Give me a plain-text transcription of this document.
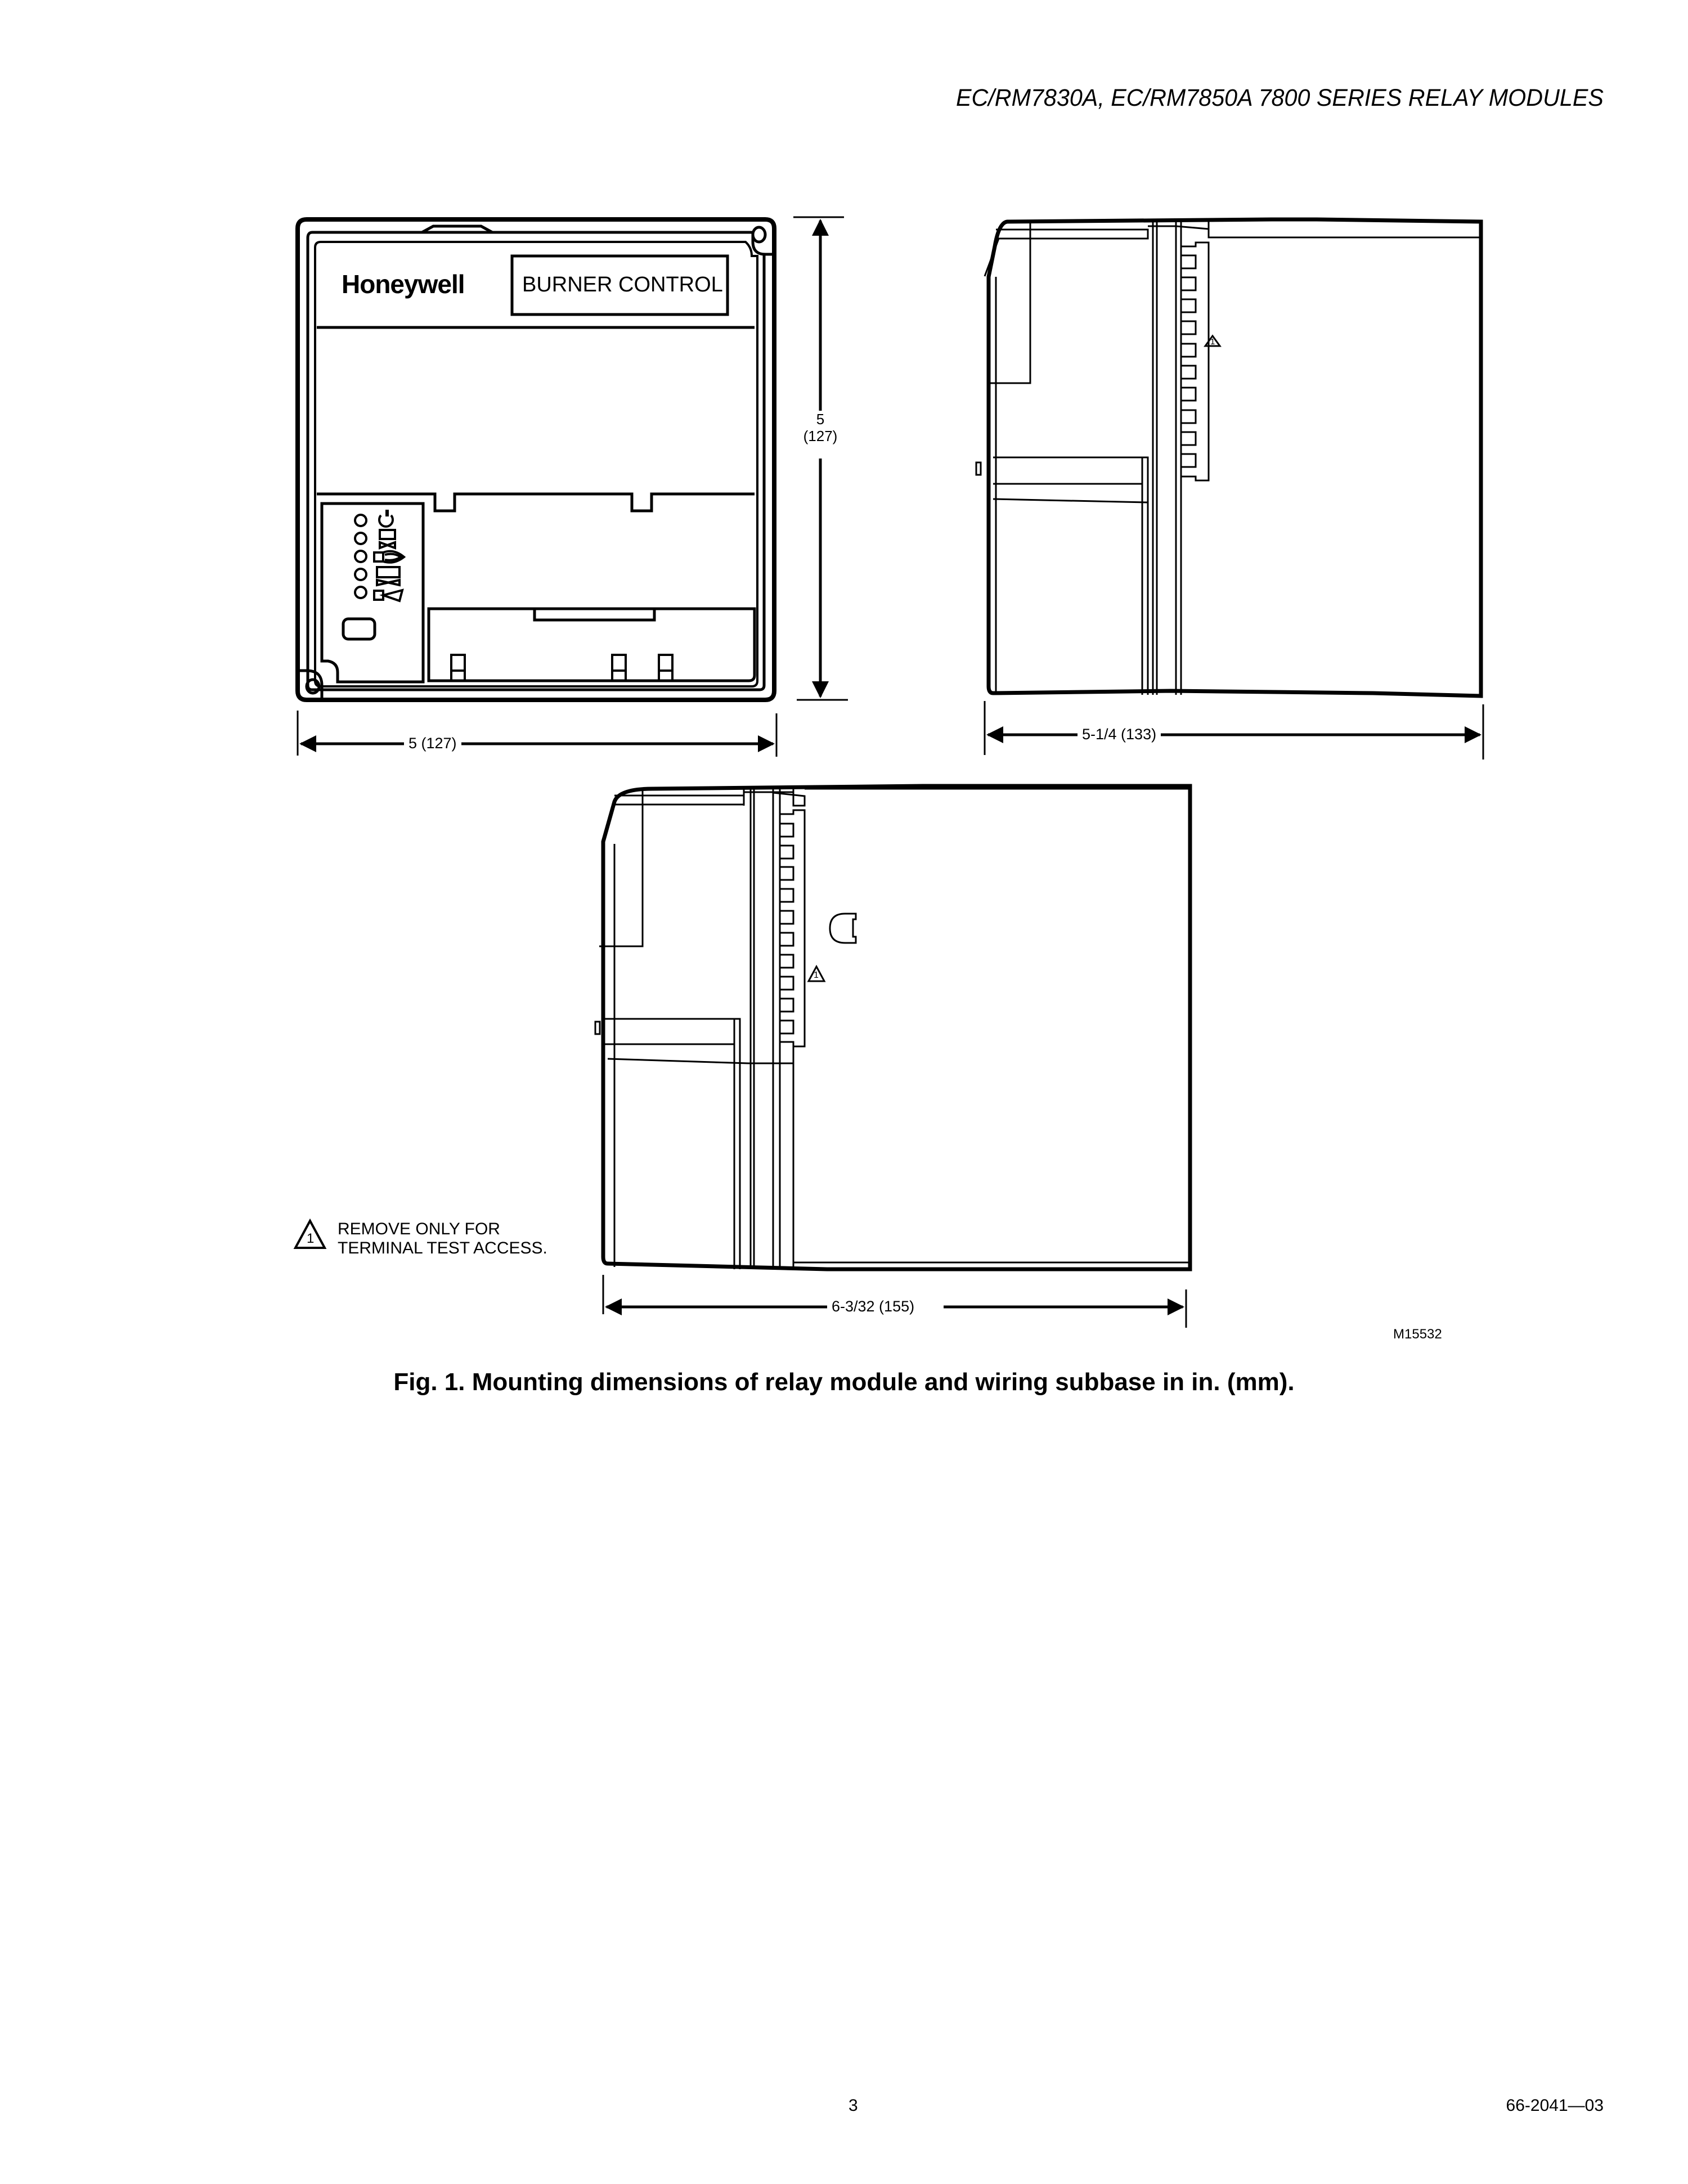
EC/RM7830A, EC/RM7850A 7800 SERIES RELAY MODULES
Honeywell	BURNER CONTROL
5
(127)
5 (127)
1
5-1/4 (133)
1
6-3/32 (155)
1
REMOVE ONLY FOR
TERMINAL TEST ACCESS.
M15532
Fig. 1. Mounting dimensions of relay module and wiring subbase in in. (mm).
3	66-2041—03
